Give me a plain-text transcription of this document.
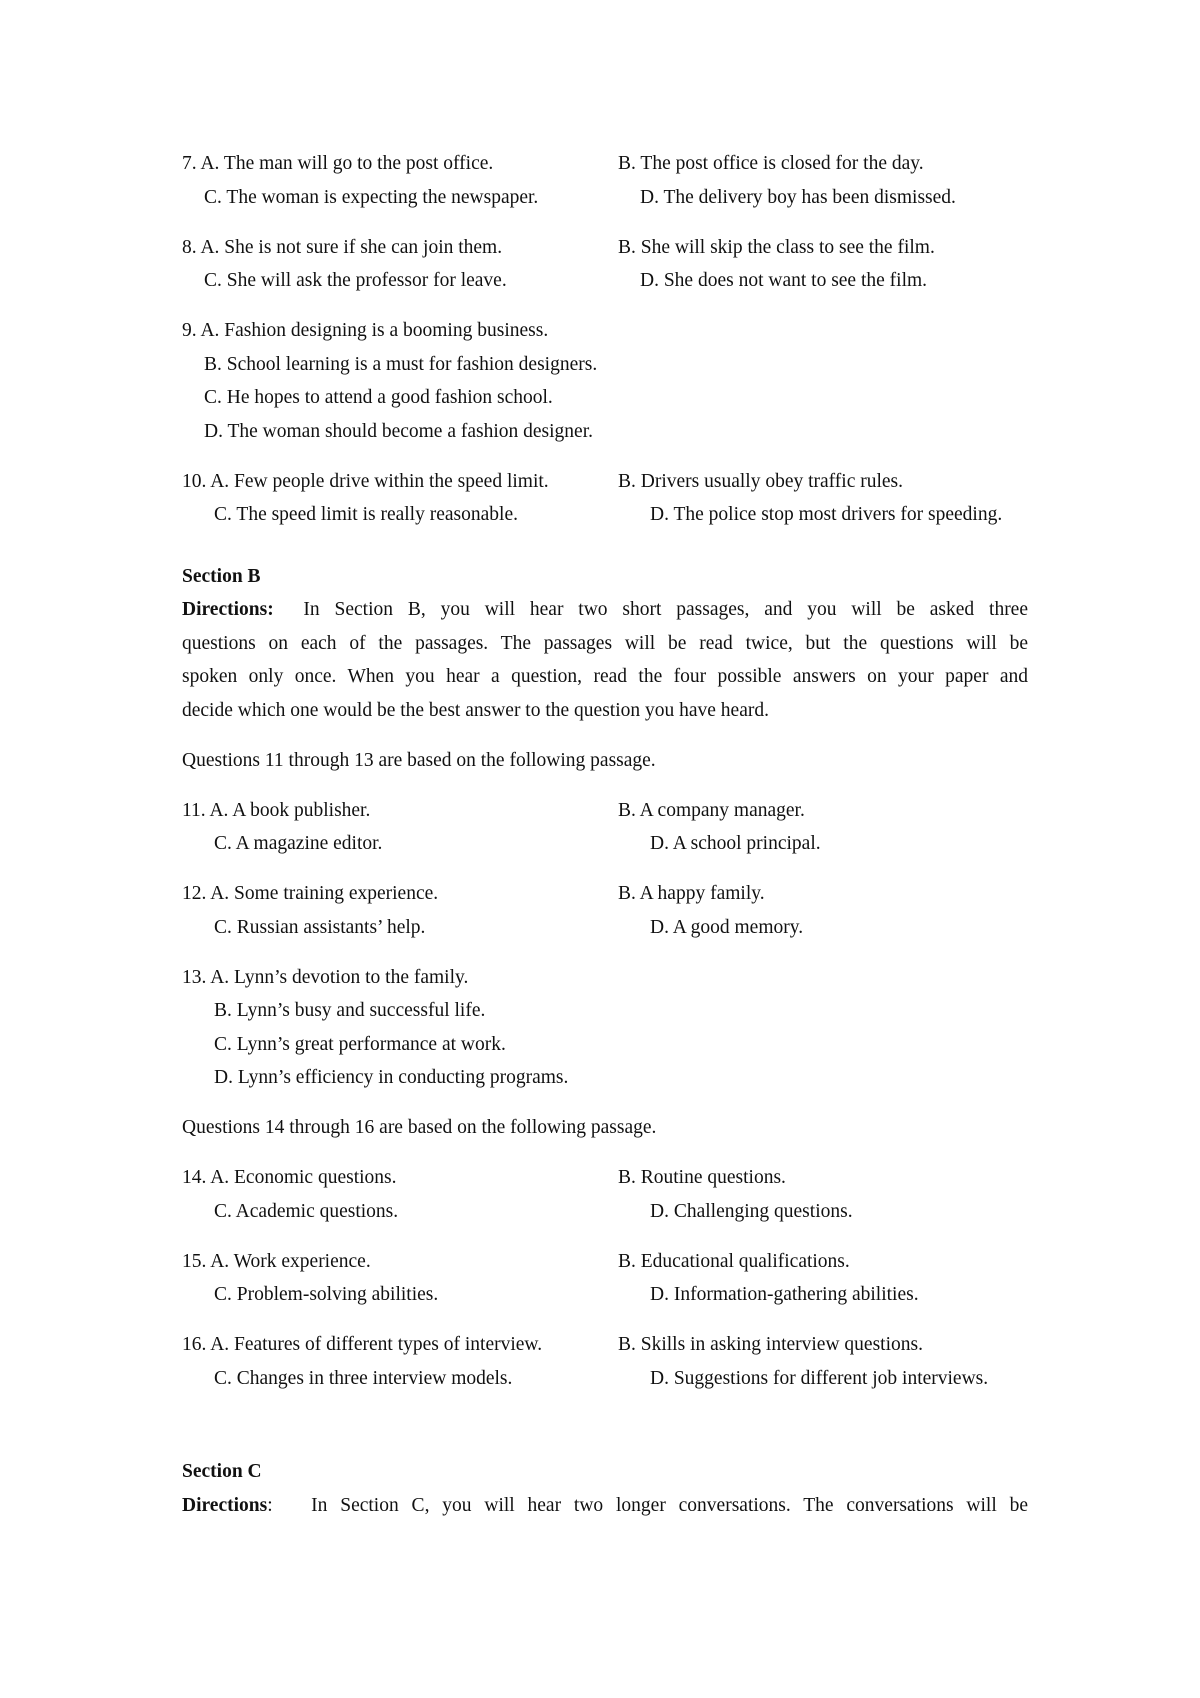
7. A. The man will go to the post office.	B. The post office is closed for the day.
C. The woman is expecting the newspaper.	D. The delivery boy has been dismissed.
8. A. She is not sure if she can join them.	B. She will skip the class to see the film.
C. She will ask the professor for leave.	D. She does not want to see the film.
9. A. Fashion designing is a booming business.
B. School learning is a must for fashion designers.
C. He hopes to attend a good fashion school.
D. The woman should become a fashion designer.
10. A. Few people drive within the speed limit.	B. Drivers usually obey traffic rules.
C. The speed limit is really reasonable.	D. The police stop most drivers for speeding.
Section B
Directions: In Section B, you will hear two short passages, and you will be asked three
questions on each of the passages. The passages will be read twice, but the questions will be
spoken only once. When you hear a question, read the four possible answers on your paper and
decide which one would be the best answer to the question you have heard.
Questions 11 through 13 are based on the following passage.
11. A. A book publisher.	B. A company manager.
C. A magazine editor.	D. A school principal.
12. A. Some training experience.	B. A happy family.
C. Russian assistants’ help.	D. A good memory.
13. A. Lynn’s devotion to the family.
B. Lynn’s busy and successful life.
C. Lynn’s great performance at work.
D. Lynn’s efficiency in conducting programs.
Questions 14 through 16 are based on the following passage.
14. A. Economic questions.	B. Routine questions.
C. Academic questions.	D. Challenging questions.
15. A. Work experience.	B. Educational qualifications.
C. Problem-solving abilities.	D. Information-gathering abilities.
16. A. Features of different types of interview.	B. Skills in asking interview questions.
C. Changes in three interview models.	D. Suggestions for different job interviews.
Section C
Directions: In Section C, you will hear two longer conversations. The conversations will be
